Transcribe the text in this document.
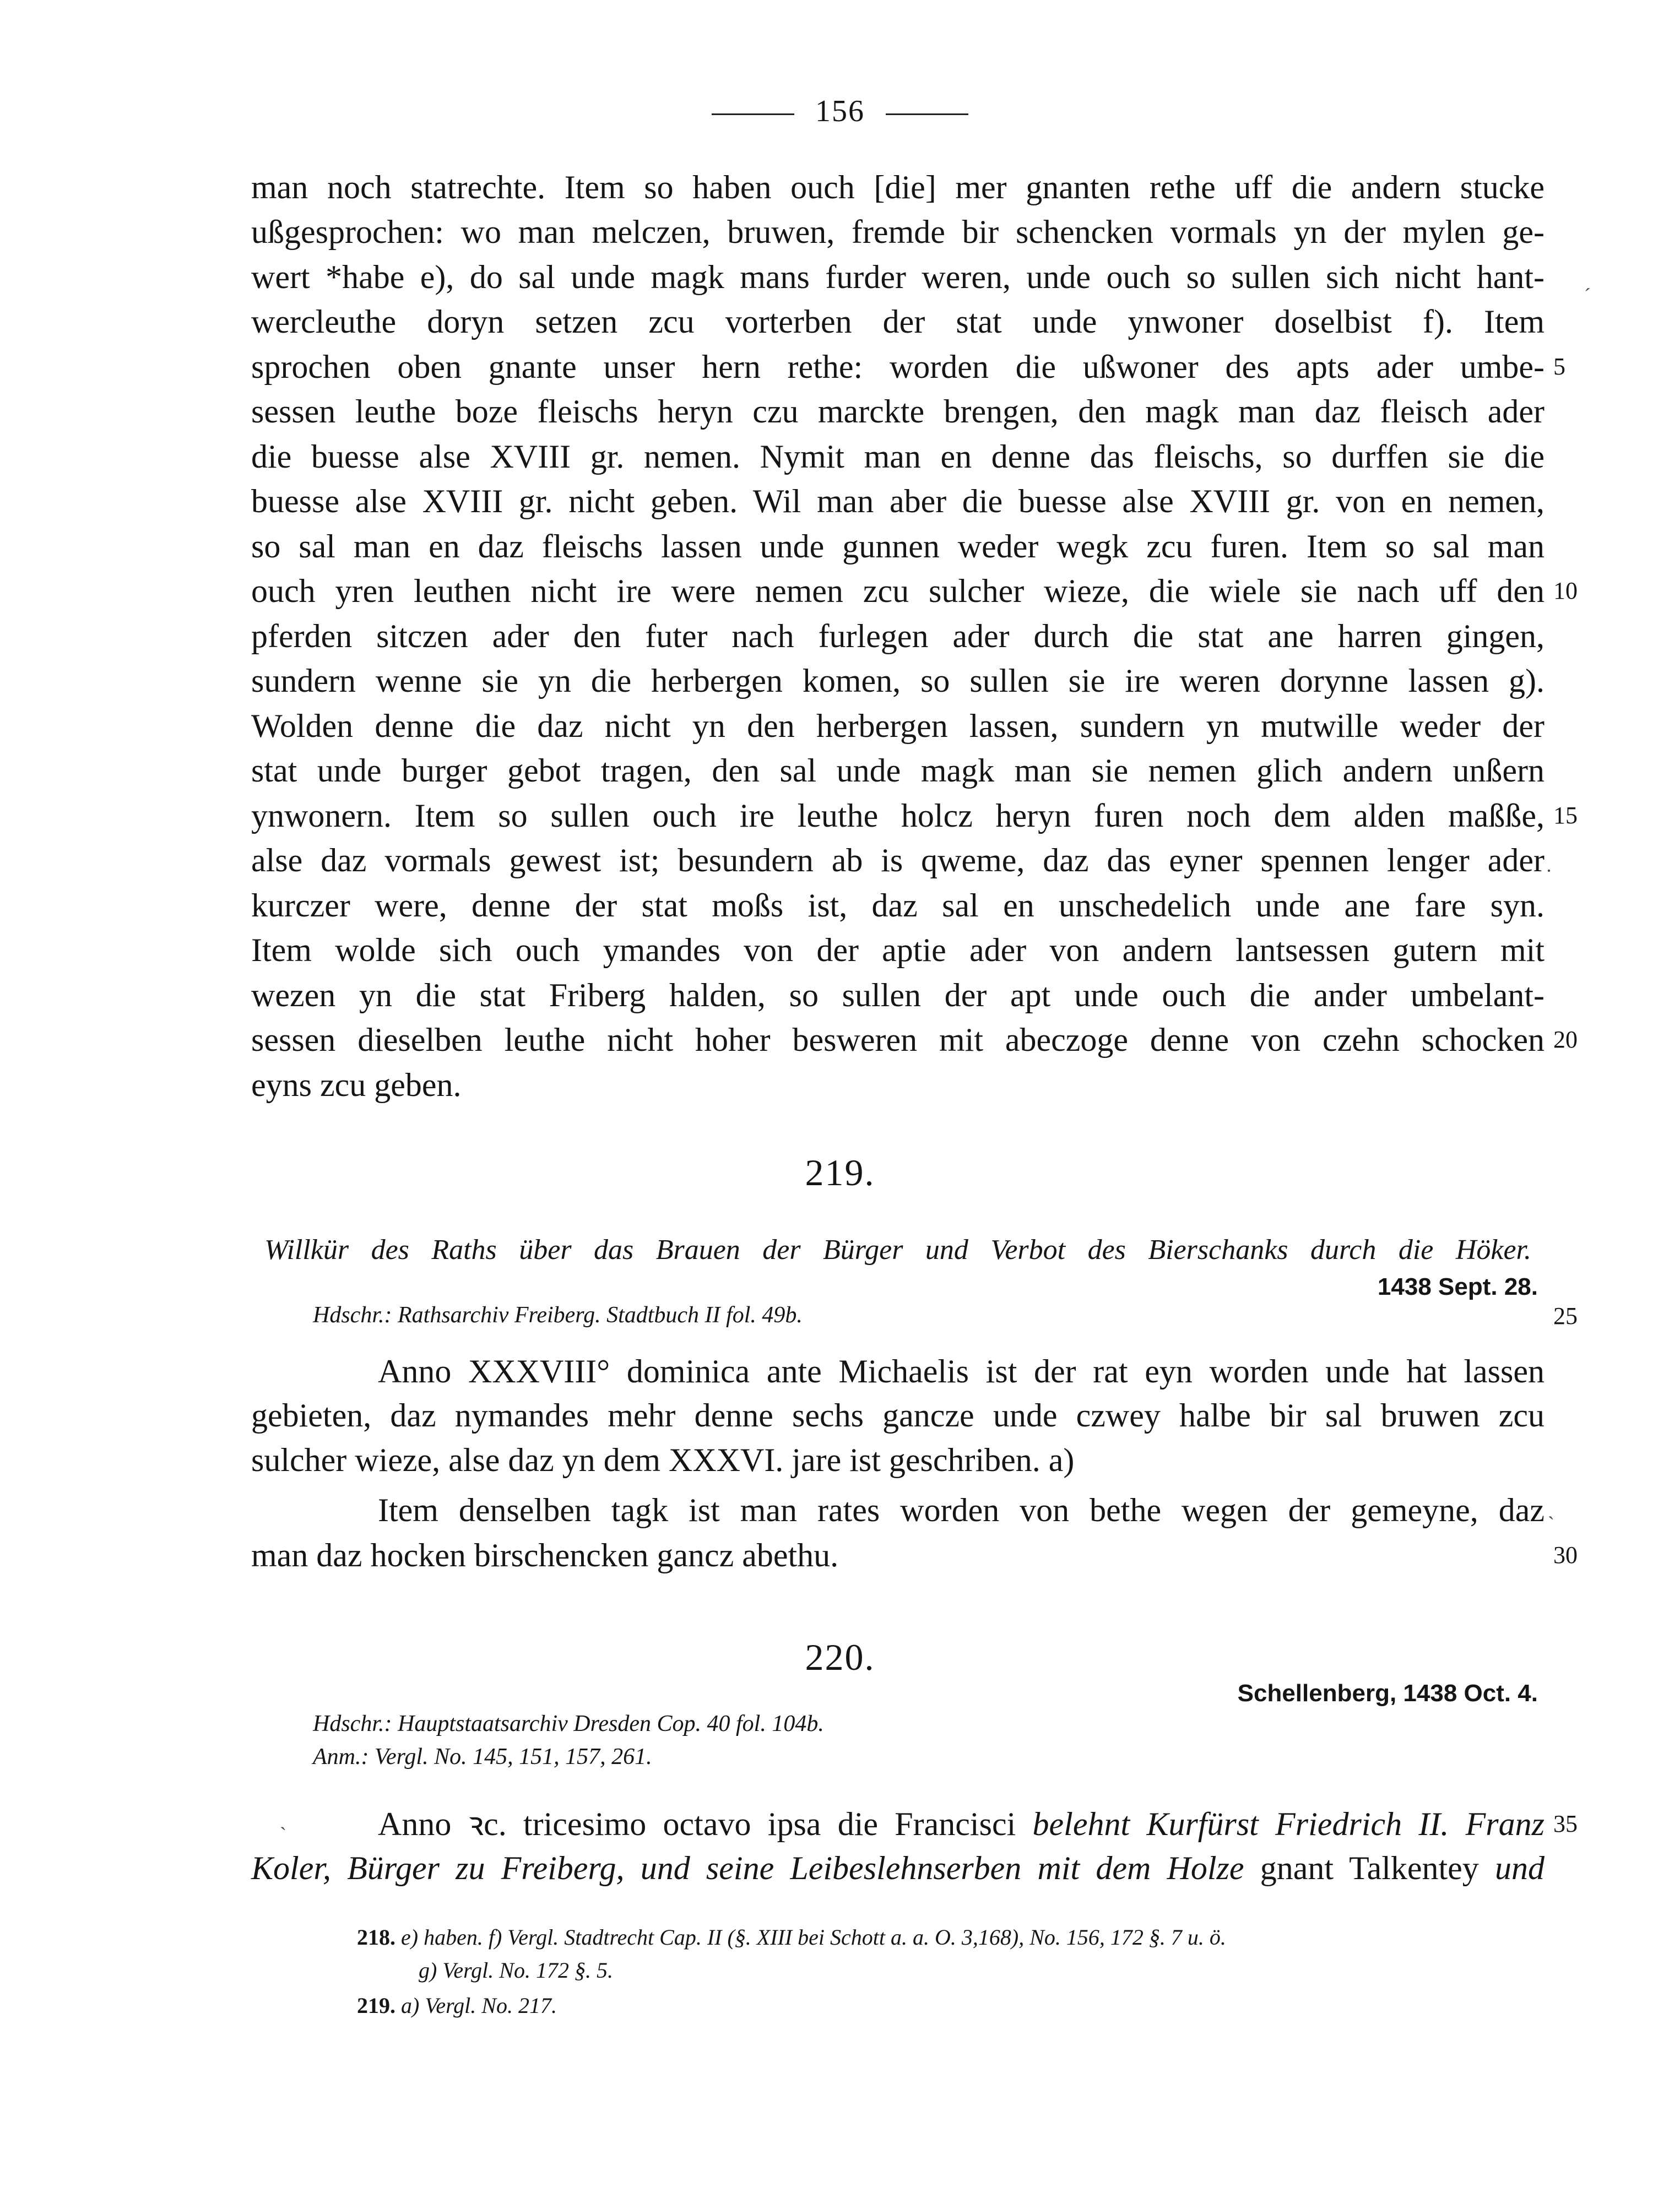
156
man noch statrechte. Item so haben ouch [die] mer gnanten rethe uff die andern stucke
ußgesprochen: wo man melczen, bruwen, fremde bir schencken vormals yn der mylen ge-
wert *habe e), do sal unde magk mans furder weren, unde ouch so sullen sich nicht hant-
wercleuthe doryn setzen zcu vorterben der stat unde ynwoner doselbist f). Item
sprochen oben gnante unser hern rethe: worden die ußwoner des apts ader umbe-
sessen leuthe boze fleischs heryn czu marckte brengen, den magk man daz fleisch ader
die buesse alse XVIII gr. nemen. Nymit man en denne das fleischs, so durffen sie die
buesse alse XVIII gr. nicht geben. Wil man aber die buesse alse XVIII gr. von en nemen,
so sal man en daz fleischs lassen unde gunnen weder wegk zcu furen. Item so sal man
ouch yren leuthen nicht ire were nemen zcu sulcher wieze, die wiele sie nach uff den
pferden sitczen ader den futer nach furlegen ader durch die stat ane harren gingen,
sundern wenne sie yn die herbergen komen, so sullen sie ire weren dorynne lassen g).
Wolden denne die daz nicht yn den herbergen lassen, sundern yn mutwille weder der
stat unde burger gebot tragen, den sal unde magk man sie nemen glich andern unßern
ynwonern. Item so sullen ouch ire leuthe holcz heryn furen noch dem alden maßße,
alse daz vormals gewest ist; besundern ab is qweme, daz das eyner spennen lenger ader
kurczer were, denne der stat moßs ist, daz sal en unschedelich unde ane fare syn.
Item wolde sich ouch ymandes von der aptie ader von andern lantsessen gutern mit
wezen yn die stat Friberg halden, so sullen der apt unde ouch die ander umbelant-
sessen dieselben leuthe nicht hoher besweren mit abeczoge denne von czehn schocken
eyns zcu geben.
5
10
15
20
ˊ
·
219.
Willkür des Raths über das Brauen der Bürger und Verbot des Bierschanks durch die Höker.
1438 Sept. 28.
Hdschr.: Rathsarchiv Freiberg. Stadtbuch II fol. 49b.	25
Anno XXXVIII° dominica ante Michaelis ist der rat eyn worden unde hat lassen
gebieten, daz nymandes mehr denne sechs gancze unde czwey halbe bir sal bruwen zcu
sulcher wieze, alse daz yn dem XXXVI. jare ist geschriben. a)
Item denselben tagk ist man rates worden von bethe wegen der gemeyne, daz
man daz hocken birschencken gancz abethu.	30
ˏ
220.
Schellenberg, 1438 Oct. 4.
Hdschr.: Hauptstaatsarchiv Dresden Cop. 40 fol. 104b.
Anm.: Vergl. No. 145, 151, 157, 261.
Anno ꝛc. tricesimo octavo ipsa die Francisci belehnt Kurfürst Friedrich II. Franz 35
Koler, Bürger zu Freiberg, und seine Leibeslehnserben mit dem Holze gnant Talkentey und
ˎ
218. e) haben. f) Vergl. Stadtrecht Cap. II (§. XIII bei Schott a. a. O. 3,168), No. 156, 172 §. 7 u. ö.
g) Vergl. No. 172 §. 5.
219. a) Vergl. No. 217.
